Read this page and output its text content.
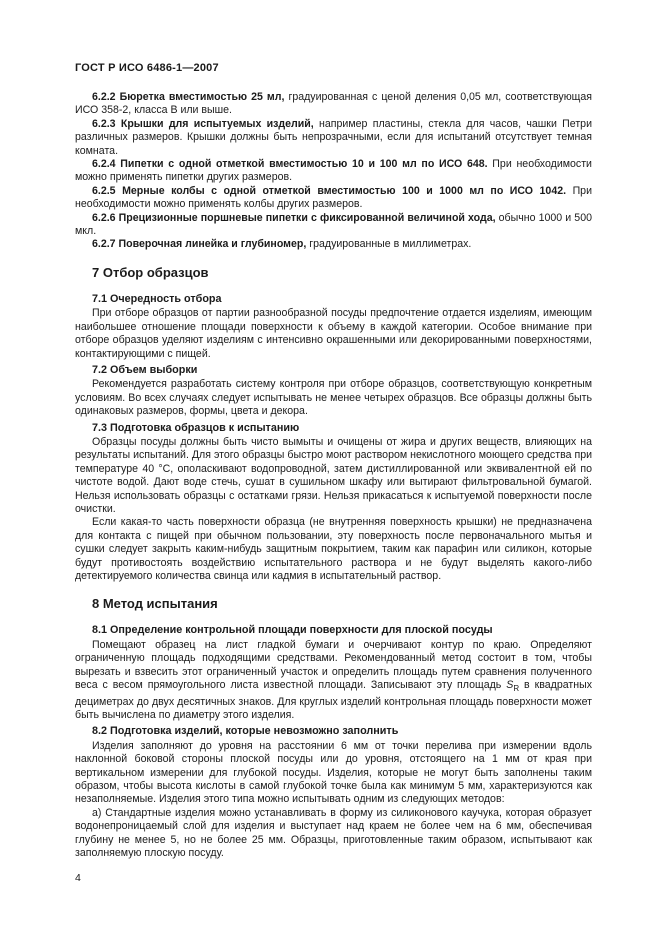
ГОСТ Р ИСО 6486-1—2007

6.2.2 Бюретка вместимостью 25 мл, градуированная с ценой деления 0,05 мл, соответствующая ИСО 358-2, класса В или выше.

6.2.3 Крышки для испытуемых изделий, например пластины, стекла для часов, чашки Петри различных размеров. Крышки должны быть непрозрачными, если для испытаний отсутствует темная комната.

6.2.4 Пипетки с одной отметкой вместимостью 10 и 100 мл по ИСО 648. При необходимости можно применять пипетки других размеров.

6.2.5 Мерные колбы с одной отметкой вместимостью 100 и 1000 мл по ИСО 1042. При необходимости можно применять колбы других размеров.

6.2.6 Прецизионные поршневые пипетки с фиксированной величиной хода, обычно 1000 и 500 мкл.

6.2.7 Поверочная линейка и глубиномер, градуированные в миллиметрах.

7 Отбор образцов
7.1 Очередность отбора

При отборе образцов от партии разнообразной посуды предпочтение отдается изделиям, имеющим наибольшее отношение площади поверхности к объему в каждой категории. Особое внимание при отборе образцов уделяют изделиям с интенсивно окрашенными или декорированными поверхностями, контактирующими с пищей.

7.2 Объем выборки

Рекомендуется разработать систему контроля при отборе образцов, соответствующую конкретным условиям. Во всех случаях следует испытывать не менее четырех образцов. Все образцы должны быть одинаковых размеров, формы, цвета и декора.

7.3 Подготовка образцов к испытанию

Образцы посуды должны быть чисто вымыты и очищены от жира и других веществ, влияющих на результаты испытаний. Для этого образцы быстро моют раствором некислотного моющего средства при температуре 40 °С, ополаскивают водопроводной, затем дистиллированной или эквивалентной ей по чистоте водой. Дают воде стечь, сушат в сушильном шкафу или вытирают фильтровальной бумагой. Нельзя использовать образцы с остатками грязи. Нельзя прикасаться к испытуемой поверхности после очистки.

Если какая-то часть поверхности образца (не внутренняя поверхность крышки) не предназначена для контакта с пищей при обычном пользовании, эту поверхность после первоначального мытья и сушки следует закрыть каким-нибудь защитным покрытием, таким как парафин или силикон, которые будут противостоять воздействию испытательного раствора и не будут выделять какого-либо детектируемого количества свинца или кадмия в испытательный раствор.

8 Метод испытания
8.1 Определение контрольной площади поверхности для плоской посуды

Помещают образец на лист гладкой бумаги и очерчивают контур по краю. Определяют ограниченную площадь подходящими средствами. Рекомендованный метод состоит в том, чтобы вырезать и взвесить этот ограниченный участок и определить площадь путем сравнения полученного веса с весом прямоугольного листа известной площади. Записывают эту площадь $S_R$ в квадратных дециметрах до двух десятичных знаков. Для круглых изделий контрольная площадь поверхности может быть вычислена по диаметру этого изделия.

8.2 Подготовка изделий, которые невозможно заполнить

Изделия заполняют до уровня на расстоянии 6 мм от точки перелива при измерении вдоль наклонной боковой стороны плоской посуды или до уровня, отстоящего на 1 мм от края при вертикальном измерении для глубокой посуды. Изделия, которые не могут быть заполнены таким образом, чтобы высота кислоты в самой глубокой точке была как минимум 5 мм, характеризуются как незаполняемые. Изделия этого типа можно испытывать одним из следующих методов:

а) Стандартные изделия можно устанавливать в форму из силиконового каучука, которая образует водонепроницаемый слой для изделия и выступает над краем не более чем на 6 мм, обеспечивая глубину не менее 5, но не более 25 мм. Образцы, приготовленные таким образом, испытывают как заполняемую плоскую посуду.

4
